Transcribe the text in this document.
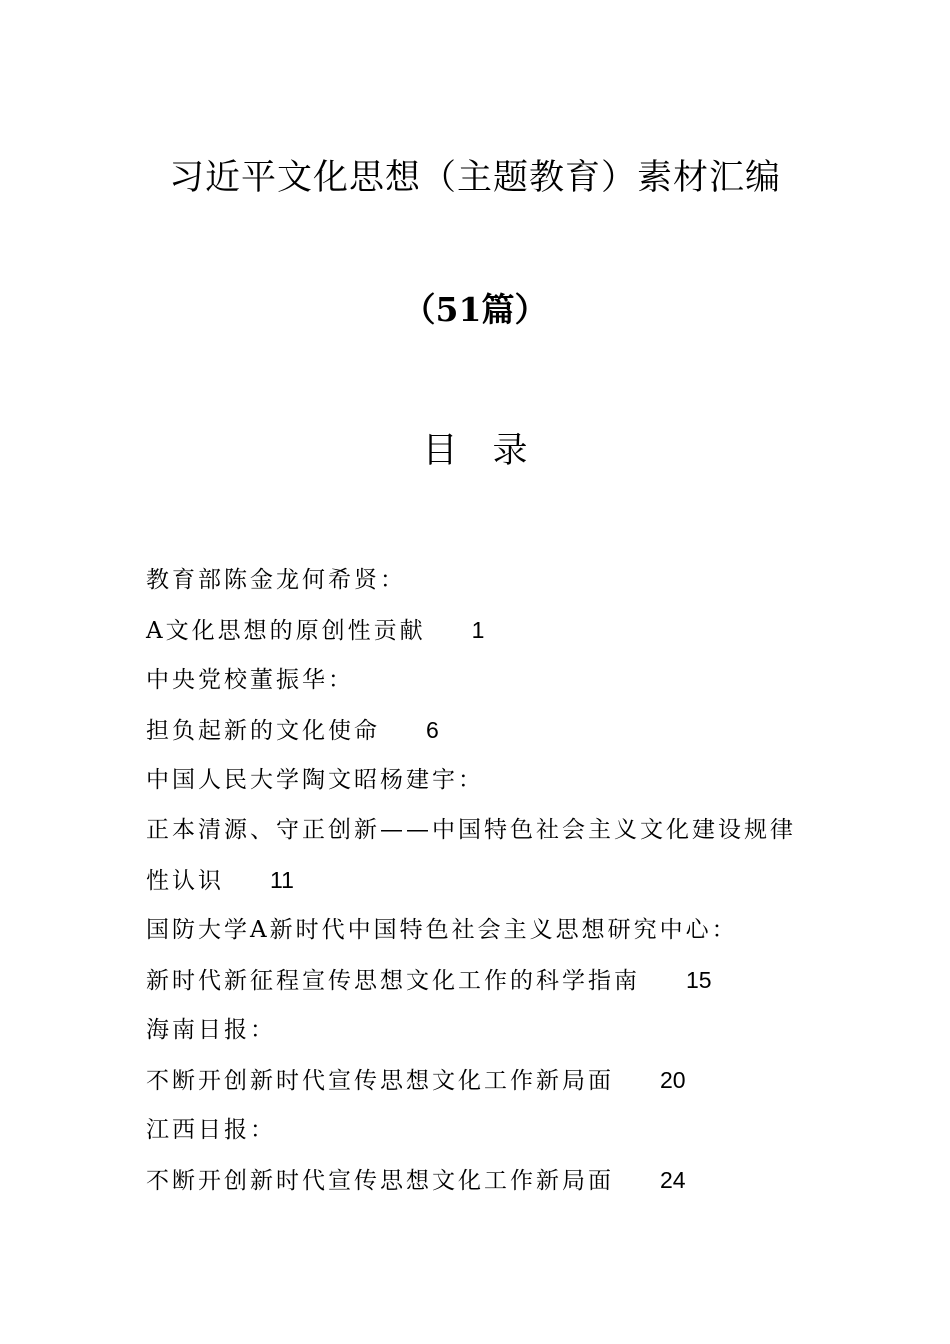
习近平文化思想（主题教育）素材汇编
（51篇）
目　录
教育部陈金龙何希贤：
A文化思想的原创性贡献 1
中央党校董振华：
担负起新的文化使命 6
中国人民大学陶文昭杨建宇：
正本清源、守正创新——中国特色社会主义文化建设规律
性认识 11
国防大学A新时代中国特色社会主义思想研究中心：
新时代新征程宣传思想文化工作的科学指南 15
海南日报：
不断开创新时代宣传思想文化工作新局面 20
江西日报：
不断开创新时代宣传思想文化工作新局面 24
